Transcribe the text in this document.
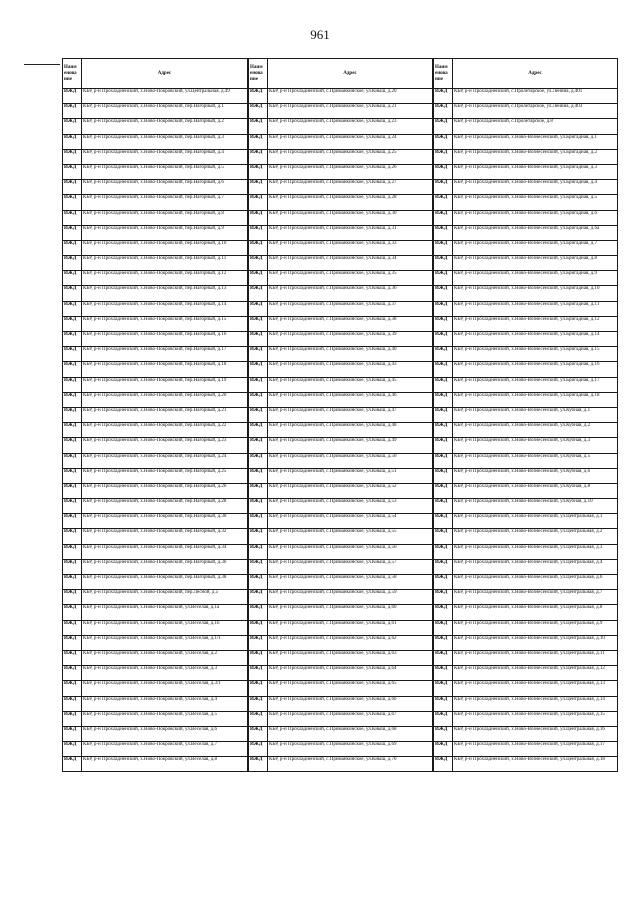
961
Наим енова ние	Адрес
ИЖД	КБР, р-н Прохладненский, х.Ново-Покровский, ул.Центральная, д.49
ИЖД	КБР, р-н Прохладненский, х.Ново-Покровский, пер.Нагорный, д.1
ИЖД	КБР, р-н Прохладненский, х.Ново-Покровский, пер.Нагорный, д.2
ИЖД	КБР, р-н Прохладненский, х.Ново-Покровский, пер.Нагорный, д.3
ИЖД	КБР, р-н Прохладненский, х.Ново-Покровский, пер.Нагорный, д.4
ИЖД	КБР, р-н Прохладненский, х.Ново-Покровский, пер.Нагорный, д.5
ИЖД	КБР, р-н Прохладненский, х.Ново-Покровский, пер.Нагорный, д.6
ИЖД	КБР, р-н Прохладненский, х.Ново-Покровский, пер.Нагорный, д.7
ИЖД	КБР, р-н Прохладненский, х.Ново-Покровский, пер.Нагорный, д.8
ИЖД	КБР, р-н Прохладненский, х.Ново-Покровский, пер.Нагорный, д.9
ИЖД	КБР, р-н Прохладненский, х.Ново-Покровский, пер.Нагорный, д.10
ИЖД	КБР, р-н Прохладненский, х.Ново-Покровский, пер.Нагорный, д.11
ИЖД	КБР, р-н Прохладненский, х.Ново-Покровский, пер.Нагорный, д.12
ИЖД	КБР, р-н Прохладненский, х.Ново-Покровский, пер.Нагорный, д.13
ИЖД	КБР, р-н Прохладненский, х.Ново-Покровский, пер.Нагорный, д.14
ИЖД	КБР, р-н Прохладненский, х.Ново-Покровский, пер.Нагорный, д.15
ИЖД	КБР, р-н Прохладненский, х.Ново-Покровский, пер.Нагорный, д.16
ИЖД	КБР, р-н Прохладненский, х.Ново-Покровский, пер.Нагорный, д.17
ИЖД	КБР, р-н Прохладненский, х.Ново-Покровский, пер.Нагорный, д.18
ИЖД	КБР, р-н Прохладненский, х.Ново-Покровский, пер.Нагорный, д.19
ИЖД	КБР, р-н Прохладненский, х.Ново-Покровский, пер.Нагорный, д.20
ИЖД	КБР, р-н Прохладненский, х.Ново-Покровский, пер.Нагорный, д.21
ИЖД	КБР, р-н Прохладненский, х.Ново-Покровский, пер.Нагорный, д.22
ИЖД	КБР, р-н Прохладненский, х.Ново-Покровский, пер.Нагорный, д.23
ИЖД	КБР, р-н Прохладненский, х.Ново-Покровский, пер.Нагорный, д.24
ИЖД	КБР, р-н Прохладненский, х.Ново-Покровский, пер.Нагорный, д.25
ИЖД	КБР, р-н Прохладненский, х.Ново-Покровский, пер.Нагорный, д.26
ИЖД	КБР, р-н Прохладненский, х.Ново-Покровский, пер.Нагорный, д.28
ИЖД	КБР, р-н Прохладненский, х.Ново-Покровский, пер.Нагорный, д.30
ИЖД	КБР, р-н Прохладненский, х.Ново-Покровский, пер.Нагорный, д.32
ИЖД	КБР, р-н Прохладненский, х.Ново-Покровский, пер.Нагорный, д.34
ИЖД	КБР, р-н Прохладненский, х.Ново-Покровский, пер.Нагорный, д.36
ИЖД	КБР, р-н Прохладненский, х.Ново-Покровский, пер.Нагорный, д.38
ИЖД	КБР, р-н Прохладненский, х.Ново-Покровский, пер.Лесной, д.5
ИЖД	КБР, р-н Прохладненский, х.Ново-Покровский, ул.Веселая, д.1а
ИЖД	КБР, р-н Прохладненский, х.Ново-Покровский, ул.Веселая, д.1б
ИЖД	КБР, р-н Прохладненский, х.Ново-Покровский, ул.Веселая, д.1/1
ИЖД	КБР, р-н Прохладненский, х.Ново-Покровский, ул.Веселая, д.2
ИЖД	КБР, р-н Прохладненский, х.Ново-Покровский, ул.Веселая, д.3
ИЖД	КБР, р-н Прохладненский, х.Ново-Покровский, ул.Веселая, д.3/1
ИЖД	КБР, р-н Прохладненский, х.Ново-Покровский, ул.Веселая, д.4
ИЖД	КБР, р-н Прохладненский, х.Ново-Покровский, ул.Веселая, д.5
ИЖД	КБР, р-н Прохладненский, х.Ново-Покровский, ул.Веселая, д.6
ИЖД	КБР, р-н Прохладненский, х.Ново-Покровский, ул.Веселая, д.7
ИЖД	КБР, р-н Прохладненский, х.Ново-Покровский, ул.Веселая, д.8
Наим енова ние	Адрес
ИЖД	КБР, р-н Прохладненский, с.Приманкинское, ул.Кныш, д.20
ИЖД	КБР, р-н Прохладненский, с.Приманкинское, ул.Кныш, д.21
ИЖД	КБР, р-н Прохладненский, с.Приманкинское, ул.Кныш, д.23
ИЖД	КБР, р-н Прохладненский, с.Приманкинское, ул.Кныш, д.24
ИЖД	КБР, р-н Прохладненский, с.Приманкинское, ул.Кныш, д.25
ИЖД	КБР, р-н Прохладненский, с.Приманкинское, ул.Кныш, д.26
ИЖД	КБР, р-н Прохладненский, с.Приманкинское, ул.Кныш, д.27
ИЖД	КБР, р-н Прохладненский, с.Приманкинское, ул.Кныш, д.28
ИЖД	КБР, р-н Прохладненский, с.Приманкинское, ул.Кныш, д.30
ИЖД	КБР, р-н Прохладненский, с.Приманкинское, ул.Кныш, д.31
ИЖД	КБР, р-н Прохладненский, с.Приманкинское, ул.Кныш, д.33
ИЖД	КБР, р-н Прохладненский, с.Приманкинское, ул.Кныш, д.34
ИЖД	КБР, р-н Прохладненский, с.Приманкинское, ул.Кныш, д.35
ИЖД	КБР, р-н Прохладненский, с.Приманкинское, ул.Кныш, д.36
ИЖД	КБР, р-н Прохладненский, с.Приманкинское, ул.Кныш, д.37
ИЖД	КБР, р-н Прохладненский, с.Приманкинское, ул.Кныш, д.38
ИЖД	КБР, р-н Прохладненский, с.Приманкинское, ул.Кныш, д.39
ИЖД	КБР, р-н Прохладненский, с.Приманкинское, ул.Кныш, д.40
ИЖД	КБР, р-н Прохладненский, с.Приманкинское, ул.Кныш, д.43
ИЖД	КБР, р-н Прохладненский, с.Приманкинское, ул.Кныш, д.45
ИЖД	КБР, р-н Прохладненский, с.Приманкинское, ул.Кныш, д.46
ИЖД	КБР, р-н Прохладненский, с.Приманкинское, ул.Кныш, д.47
ИЖД	КБР, р-н Прохладненский, с.Приманкинское, ул.Кныш, д.48
ИЖД	КБР, р-н Прохладненский, с.Приманкинское, ул.Кныш, д.49
ИЖД	КБР, р-н Прохладненский, с.Приманкинское, ул.Кныш, д.50
ИЖД	КБР, р-н Прохладненский, с.Приманкинское, ул.Кныш, д.51
ИЖД	КБР, р-н Прохладненский, с.Приманкинское, ул.Кныш, д.52
ИЖД	КБР, р-н Прохладненский, с.Приманкинское, ул.Кныш, д.53
ИЖД	КБР, р-н Прохладненский, с.Приманкинское, ул.Кныш, д.54
ИЖД	КБР, р-н Прохладненский, с.Приманкинское, ул.Кныш, д.55
ИЖД	КБР, р-н Прохладненский, с.Приманкинское, ул.Кныш, д.56
ИЖД	КБР, р-н Прохладненский, с.Приманкинское, ул.Кныш, д.57
ИЖД	КБР, р-н Прохладненский, с.Приманкинское, ул.Кныш, д.58
ИЖД	КБР, р-н Прохладненский, с.Приманкинское, ул.Кныш, д.59
ИЖД	КБР, р-н Прохладненский, с.Приманкинское, ул.Кныш, д.60
ИЖД	КБР, р-н Прохладненский, с.Приманкинское, ул.Кныш, д.61
ИЖД	КБР, р-н Прохладненский, с.Приманкинское, ул.Кныш, д.62
ИЖД	КБР, р-н Прохладненский, с.Приманкинское, ул.Кныш, д.63
ИЖД	КБР, р-н Прохладненский, с.Приманкинское, ул.Кныш, д.64
ИЖД	КБР, р-н Прохладненский, с.Приманкинское, ул.Кныш, д.65
ИЖД	КБР, р-н Прохладненский, с.Приманкинское, ул.Кныш, д.66
ИЖД	КБР, р-н Прохладненский, с.Приманкинское, ул.Кныш, д.67
ИЖД	КБР, р-н Прохладненский, с.Приманкинское, ул.Кныш, д.68
ИЖД	КБР, р-н Прохладненский, с.Приманкинское, ул.Кныш, д.69
ИЖД	КБР, р-н Прохладненский, с.Приманкинское, ул.Кныш, д.70
Наим енова ние	Адрес
ИЖД	КБР, р-н Прохладненский, с.Пролетарское, ул.Ленина, д.401
ИЖД	КБР, р-н Прохладненский, с.Пролетарское, ул.Ленина, д.403
ИЖД	КБР, р-н Прохладненский, с.Пролетарское, д.8
ИЖД	КБР, р-н Прохладненский, х.Ново-Вознесенский, ул.Бригадная, д.1
ИЖД	КБР, р-н Прохладненский, х.Ново-Вознесенский, ул.Бригадная, д.2
ИЖД	КБР, р-н Прохладненский, х.Ново-Вознесенский, ул.Бригадная, д.3
ИЖД	КБР, р-н Прохладненский, х.Ново-Вознесенский, ул.Бригадная, д.4
ИЖД	КБР, р-н Прохладненский, х.Ново-Вознесенский, ул.Бригадная, д.5
ИЖД	КБР, р-н Прохладненский, х.Ново-Вознесенский, ул.Бригадная, д.6
ИЖД	КБР, р-н Прохладненский, х.Ново-Вознесенский, ул.Бригадная, д.6а
ИЖД	КБР, р-н Прохладненский, х.Ново-Вознесенский, ул.Бригадная, д.7
ИЖД	КБР, р-н Прохладненский, х.Ново-Вознесенский, ул.Бригадная, д.8
ИЖД	КБР, р-н Прохладненский, х.Ново-Вознесенский, ул.Бригадная, д.9
ИЖД	КБР, р-н Прохладненский, х.Ново-Вознесенский, ул.Бригадная, д.10
ИЖД	КБР, р-н Прохладненский, х.Ново-Вознесенский, ул.Бригадная, д.11
ИЖД	КБР, р-н Прохладненский, х.Ново-Вознесенский, ул.Бригадная, д.12
ИЖД	КБР, р-н Прохладненский, х.Ново-Вознесенский, ул.Бригадная, д.14
ИЖД	КБР, р-н Прохладненский, х.Ново-Вознесенский, ул.Бригадная, д.15
ИЖД	КБР, р-н Прохладненский, х.Ново-Вознесенский, ул.Бригадная, д.16
ИЖД	КБР, р-н Прохладненский, х.Ново-Вознесенский, ул.Бригадная, д.17
ИЖД	КБР, р-н Прохладненский, х.Ново-Вознесенский, ул.Бригадная, д.18
ИЖД	КБР, р-н Прохладненский, х.Ново-Вознесенский, ул.Кубная, д.1
ИЖД	КБР, р-н Прохладненский, х.Ново-Вознесенский, ул.Кубная, д.2
ИЖД	КБР, р-н Прохладненский, х.Ново-Вознесенский, ул.Кубная, д.3
ИЖД	КБР, р-н Прохладненский, х.Ново-Вознесенский, ул.Кубная, д.5
ИЖД	КБР, р-н Прохладненский, х.Ново-Вознесенский, ул.Кубная, д.6
ИЖД	КБР, р-н Прохладненский, х.Ново-Вознесенский, ул.Кубная, д.8
ИЖД	КБР, р-н Прохладненский, х.Ново-Вознесенский, ул.Кубная, д.10
ИЖД	КБР, р-н Прохладненский, х.Ново-Вознесенский, ул.Центральная, д.1
ИЖД	КБР, р-н Прохладненский, х.Ново-Вознесенский, ул.Центральная, д.2
ИЖД	КБР, р-н Прохладненский, х.Ново-Вознесенский, ул.Центральная, д.3
ИЖД	КБР, р-н Прохладненский, х.Ново-Вознесенский, ул.Центральная, д.4
ИЖД	КБР, р-н Прохладненский, х.Ново-Вознесенский, ул.Центральная, д.6
ИЖД	КБР, р-н Прохладненский, х.Ново-Вознесенский, ул.Центральная, д.7
ИЖД	КБР, р-н Прохладненский, х.Ново-Вознесенский, ул.Центральная, д.8
ИЖД	КБР, р-н Прохладненский, х.Ново-Вознесенский, ул.Центральная, д.9
ИЖД	КБР, р-н Прохладненский, х.Ново-Вознесенский, ул.Центральная, д.10
ИЖД	КБР, р-н Прохладненский, х.Ново-Вознесенский, ул.Центральная, д.11
ИЖД	КБР, р-н Прохладненский, х.Ново-Вознесенский, ул.Центральная, д.12
ИЖД	КБР, р-н Прохладненский, х.Ново-Вознесенский, ул.Центральная, д.13
ИЖД	КБР, р-н Прохладненский, х.Ново-Вознесенский, ул.Центральная, д.14
ИЖД	КБР, р-н Прохладненский, х.Ново-Вознесенский, ул.Центральная, д.15
ИЖД	КБР, р-н Прохладненский, х.Ново-Вознесенский, ул.Центральная, д.16
ИЖД	КБР, р-н Прохладненский, х.Ново-Вознесенский, ул.Центральная, д.17
ИЖД	КБР, р-н Прохладненский, х.Ново-Вознесенский, ул.Центральная, д.18
